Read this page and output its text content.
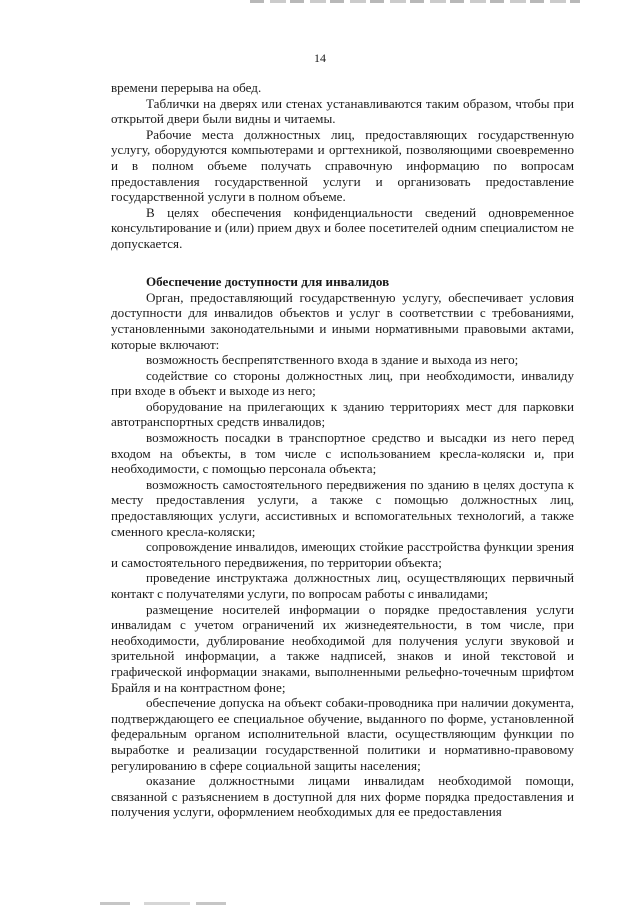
14

времени перерыва на обед.

Таблички на дверях или стенах устанавливаются таким образом, чтобы при открытой двери были видны и читаемы.

Рабочие места должностных лиц, предоставляющих государственную услугу, оборудуются компьютерами и оргтехникой, позволяющими своевременно и в полном объеме получать справочную информацию по вопросам предоставления государственной услуги и организовать предоставление государственной услуги в полном объеме.

В целях обеспечения конфиденциальности сведений одновременное консультирование и (или) прием двух и более посетителей одним специалистом не допускается.

Обеспечение доступности для инвалидов

Орган, предоставляющий государственную услугу, обеспечивает условия доступности для инвалидов объектов и услуг в соответствии с требованиями, установленными законодательными и иными нормативными правовыми актами, которые включают:

возможность беспрепятственного входа в здание и выхода из него;

содействие со стороны должностных лиц, при необходимости, инвалиду при входе в объект и выходе из него;

оборудование на прилегающих к зданию территориях мест для парковки автотранспортных средств инвалидов;

возможность посадки в транспортное средство и высадки из него перед входом на объекты, в том числе с использованием кресла-коляски и, при необходимости, с помощью персонала объекта;

возможность самостоятельного передвижения по зданию в целях доступа к месту предоставления услуги, а также с помощью должностных лиц, предоставляющих услуги, ассистивных и вспомогательных технологий, а также сменного кресла-коляски;

сопровождение инвалидов, имеющих стойкие расстройства функции зрения и самостоятельного передвижения, по территории объекта;

проведение инструктажа должностных лиц, осуществляющих первичный контакт с получателями услуги, по вопросам работы с инвалидами;

размещение носителей информации о порядке предоставления услуги инвалидам с учетом ограничений их жизнедеятельности, в том числе, при необходимости, дублирование необходимой для получения услуги звуковой и зрительной информации, а также надписей, знаков и иной текстовой и графической информации знаками, выполненными рельефно-точечным шрифтом Брайля и на контрастном фоне;

обеспечение допуска на объект собаки-проводника при наличии документа, подтверждающего ее специальное обучение, выданного по форме, установленной федеральным органом исполнительной власти, осуществляющим функции по выработке и реализации государственной политики и нормативно-правовому регулированию в сфере социальной защиты населения;

оказание должностными лицами инвалидам необходимой помощи, связанной с разъяснением в доступной для них форме порядка предоставления и получения услуги, оформлением необходимых для ее предоставления
